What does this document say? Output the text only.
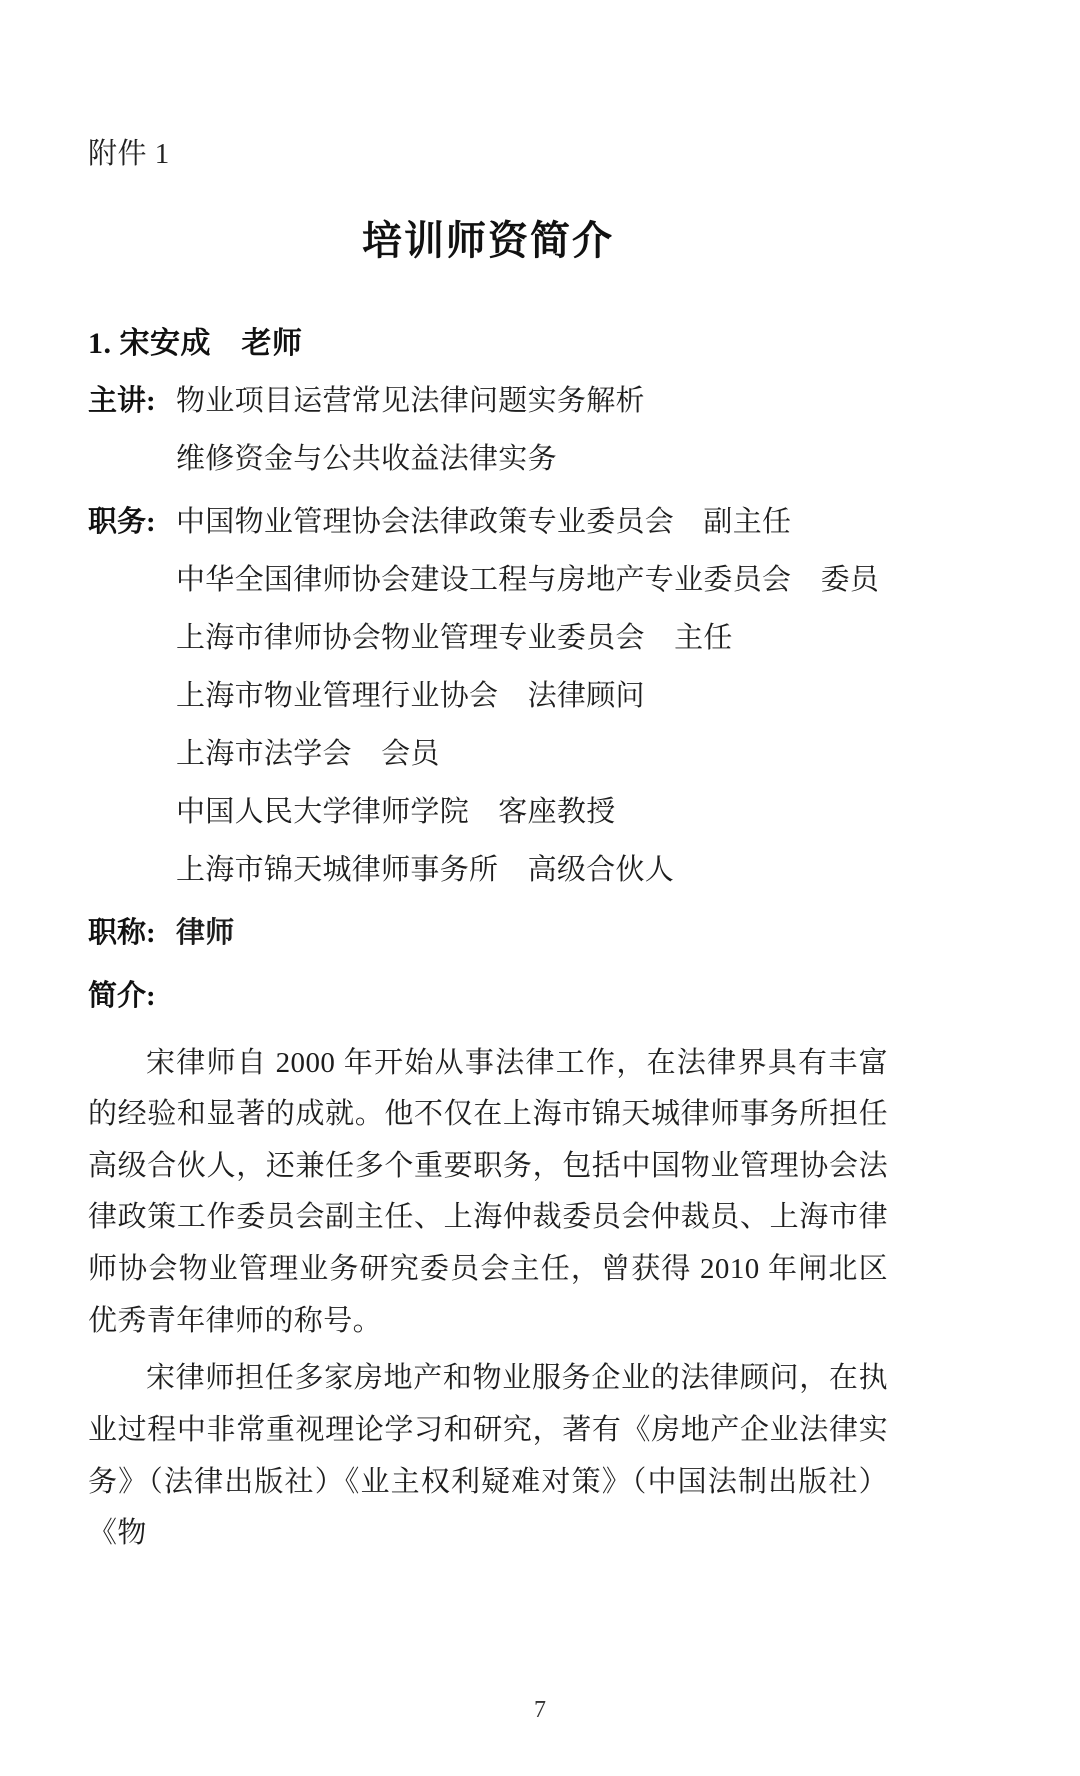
附件 1
培训师资简介
1. 宋安成　老师
主讲: 物业项目运营常见法律问题实务解析
维修资金与公共收益法律实务
职务: 中国物业管理协会法律政策专业委员会　副主任
中华全国律师协会建设工程与房地产专业委员会　委员
上海市律师协会物业管理专业委员会　主任
上海市物业管理行业协会　法律顾问
上海市法学会　会员
中国人民大学律师学院　客座教授
上海市锦天城律师事务所　高级合伙人
职称: 律师
简介:

宋律师自 2000 年开始从事法律工作，在法律界具有丰富的经验和显著的成就。他不仅在上海市锦天城律师事务所担任高级合伙人，还兼任多个重要职务，包括中国物业管理协会法律政策工作委员会副主任、上海仲裁委员会仲裁员、上海市律师协会物业管理业务研究委员会主任，曾获得 2010 年闸北区优秀青年律师的称号。

宋律师担任多家房地产和物业服务企业的法律顾问，在执业过程中非常重视理论学习和研究，著有《房地产企业法律实务》（法律出版社）《业主权利疑难对策》（中国法制出版社）《物

7
